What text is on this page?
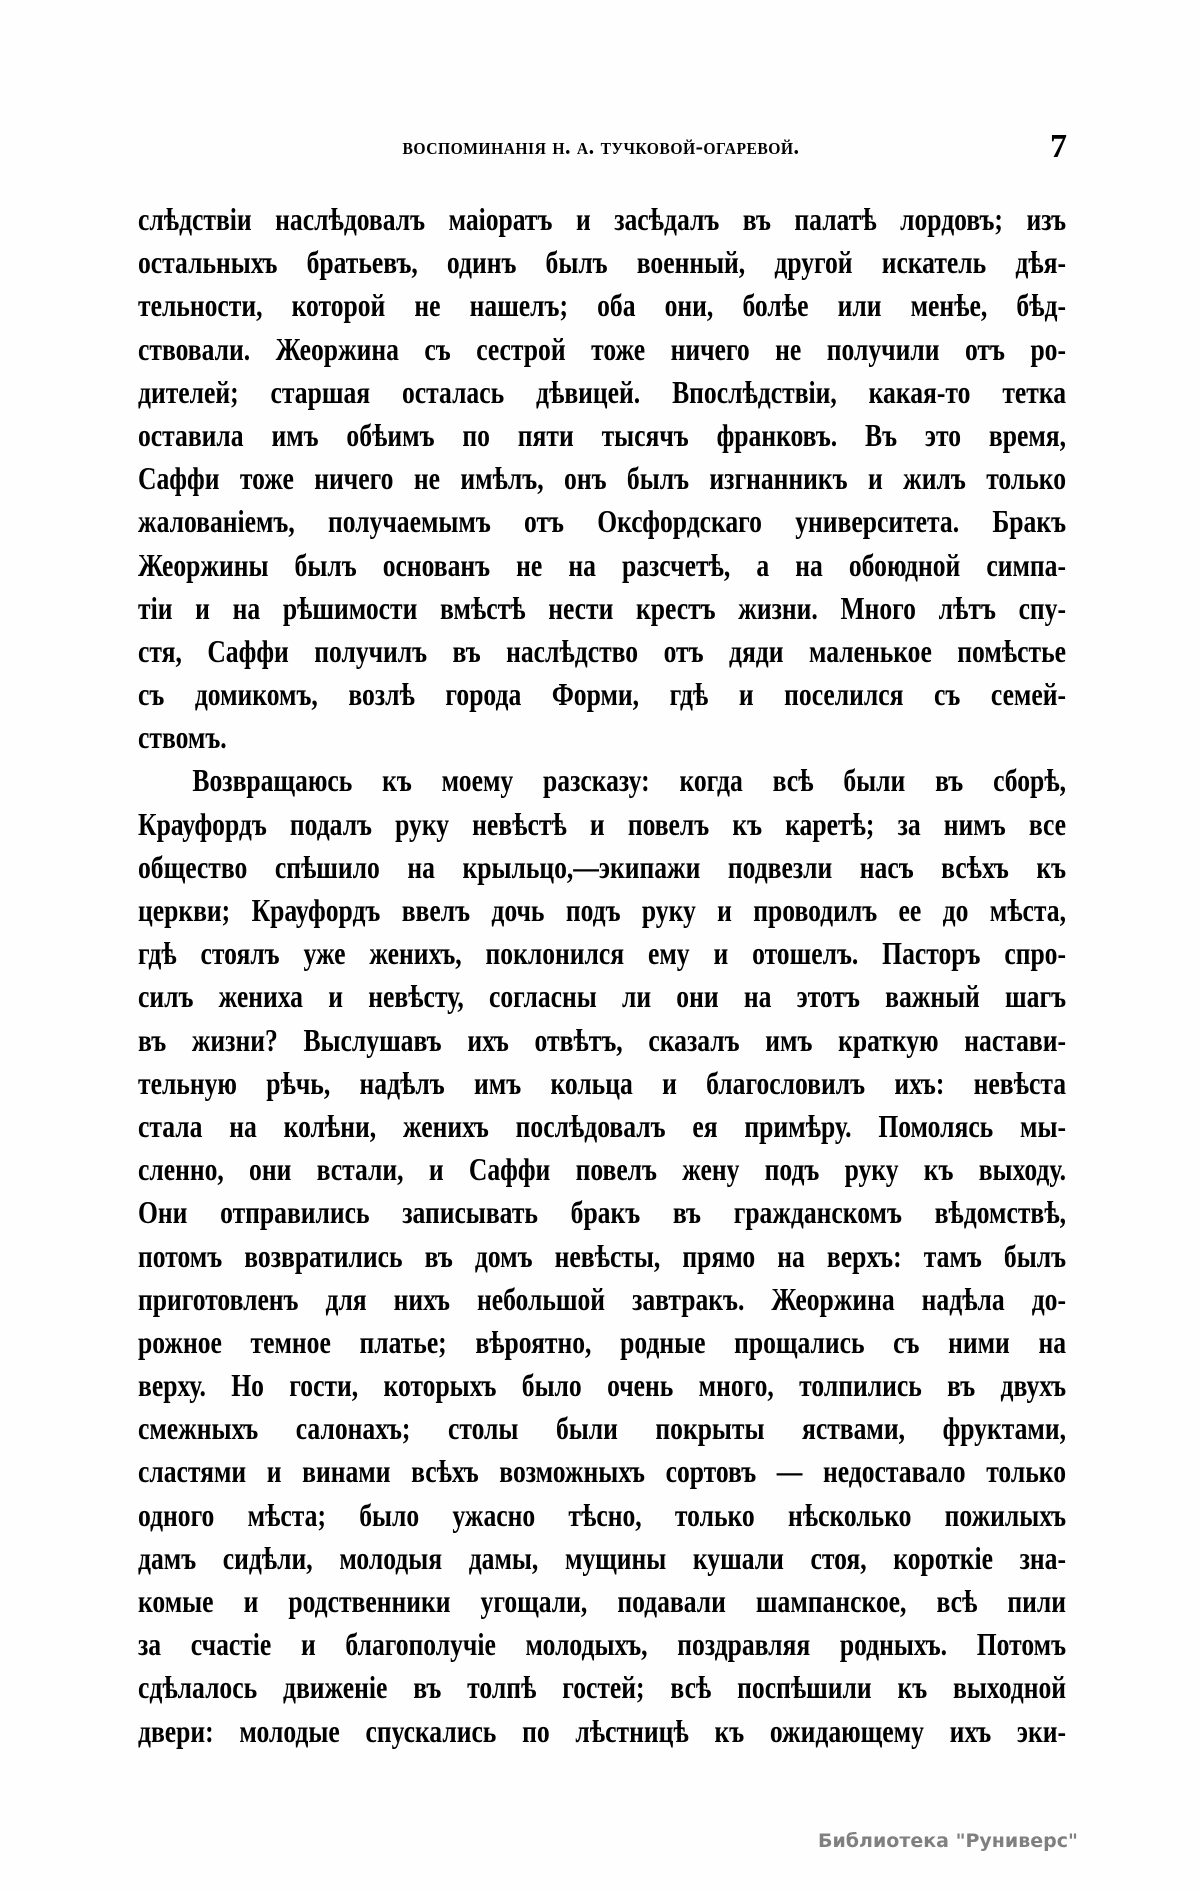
воспоминанія н. а. тучковой-огаревой.	7
слѣдствіи наслѣдовалъ маіоратъ и засѣдалъ въ палатѣ лордовъ; изъ
остальныхъ братьевъ, одинъ былъ военный, другой искатель дѣя-
тельности, которой не нашелъ; оба они, болѣе или менѣе, бѣд-
ствовали. Жеоржина съ сестрой тоже ничего не получили отъ ро-
дителей; старшая осталась дѣвицей. Впослѣдствіи, какая-то тетка
оставила имъ обѣимъ по пяти тысячъ франковъ. Въ это время,
Саффи тоже ничего не имѣлъ, онъ былъ изгнанникъ и жилъ только
жалованіемъ, получаемымъ отъ Оксфордскаго университета. Бракъ
Жеоржины былъ основанъ не на разсчетѣ, а на обоюдной симпа-
тіи и на рѣшимости вмѣстѣ нести крестъ жизни. Много лѣтъ спу-
стя, Саффи получилъ въ наслѣдство отъ дяди маленькое помѣстье
съ домикомъ, возлѣ города Форми, гдѣ и поселился съ семей-
ствомъ.
Возвращаюсь къ моему разсказу: когда всѣ были въ сборѣ,
Крауфордъ подалъ руку невѣстѣ и повелъ къ каретѣ; за нимъ все
общество спѣшило на крыльцо,—экипажи подвезли насъ всѣхъ къ
церкви; Крауфордъ ввелъ дочь подъ руку и проводилъ ее до мѣста,
гдѣ стоялъ уже женихъ, поклонился ему и отошелъ. Пасторъ спро-
силъ жениха и невѣсту, согласны ли они на этотъ важный шагъ
въ жизни? Выслушавъ ихъ отвѣтъ, сказалъ имъ краткую настави-
тельную рѣчь, надѣлъ имъ кольца и благословилъ ихъ: невѣста
стала на колѣни, женихъ послѣдовалъ ея примѣру. Помолясь мы-
сленно, они встали, и Саффи повелъ жену подъ руку къ выходу.
Они отправились записывать бракъ въ гражданскомъ вѣдомствѣ,
потомъ возвратились въ домъ невѣсты, прямо на верхъ: тамъ былъ
приготовленъ для нихъ небольшой завтракъ. Жеоржина надѣла до-
рожное темное платье; вѣроятно, родные прощались съ ними на
верху. Но гости, которыхъ было очень много, толпились въ двухъ
смежныхъ салонахъ; столы были покрыты яствами, фруктами,
сластями и винами всѣхъ возможныхъ сортовъ — недоставало только
одного мѣста; было ужасно тѣсно, только нѣсколько пожилыхъ
дамъ сидѣли, молодыя дамы, мущины кушали стоя, короткіе зна-
комые и родственники угощали, подавали шампанское, всѣ пили
за счастіе и благополучіе молодыхъ, поздравляя родныхъ. Потомъ
сдѣлалось движеніе въ толпѣ гостей; всѣ поспѣшили къ выходной
двери: молодые спускались по лѣстницѣ къ ожидающему ихъ эки-
Библиотека "Руниверс"
